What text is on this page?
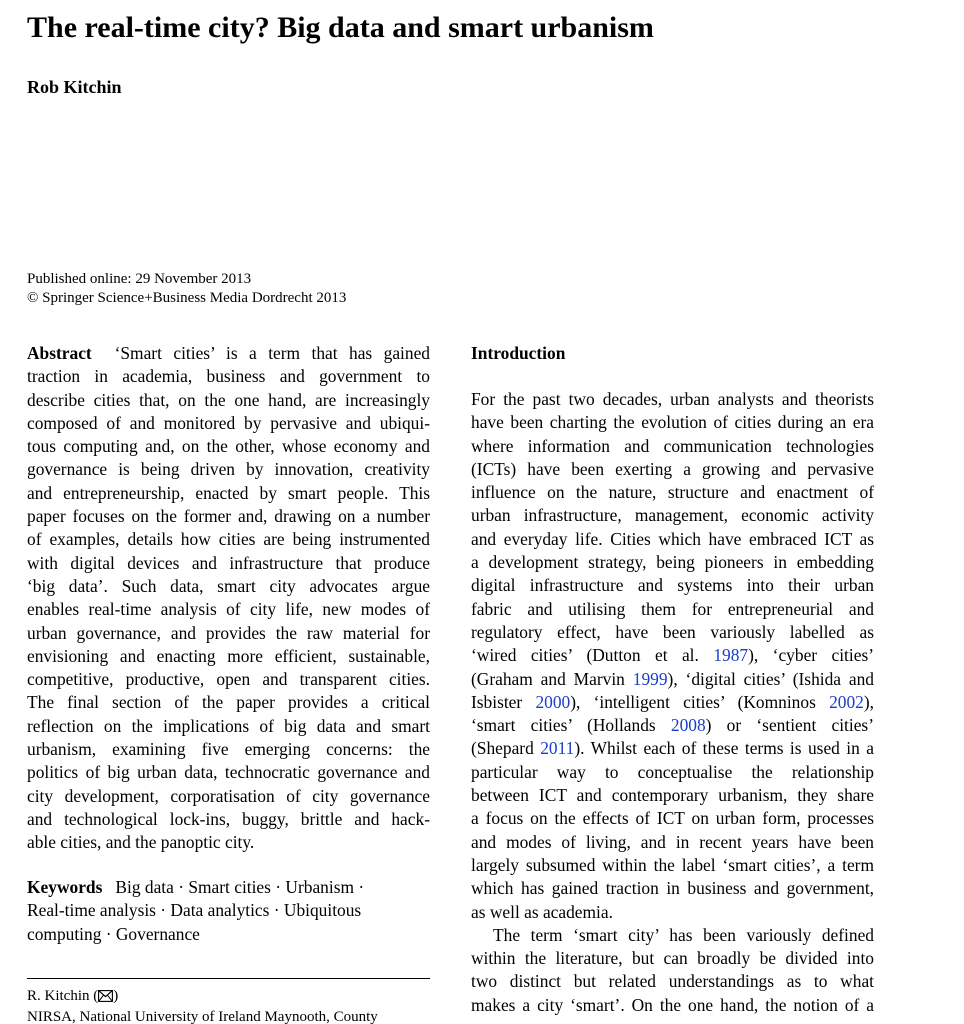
The real-time city? Big data and smart urbanism
Rob Kitchin
Published online: 29 November 2013
© Springer Science+Business Media Dordrecht 2013
Abstract ‘Smart cities’ is a term that has gained
traction in academia, business and government to
describe cities that, on the one hand, are increasingly
composed of and monitored by pervasive and ubiqui-
tous computing and, on the other, whose economy and
governance is being driven by innovation, creativity
and entrepreneurship, enacted by smart people. This
paper focuses on the former and, drawing on a number
of examples, details how cities are being instrumented
with digital devices and infrastructure that produce
‘big data’. Such data, smart city advocates argue
enables real-time analysis of city life, new modes of
urban governance, and provides the raw material for
envisioning and enacting more efficient, sustainable,
competitive, productive, open and transparent cities.
The final section of the paper provides a critical
reflection on the implications of big data and smart
urbanism, examining five emerging concerns: the
politics of big urban data, technocratic governance and
city development, corporatisation of city governance
and technological lock-ins, buggy, brittle and hack-
able cities, and the panoptic city.
Keywords Big data · Smart cities · Urbanism ·
Real-time analysis · Data analytics · Ubiquitous
computing · Governance
R. Kitchin ( )
NIRSA, National University of Ireland Maynooth, County
Introduction
For the past two decades, urban analysts and theorists
have been charting the evolution of cities during an era
where information and communication technologies
(ICTs) have been exerting a growing and pervasive
influence on the nature, structure and enactment of
urban infrastructure, management, economic activity
and everyday life. Cities which have embraced ICT as
a development strategy, being pioneers in embedding
digital infrastructure and systems into their urban
fabric and utilising them for entrepreneurial and
regulatory effect, have been variously labelled as
‘wired cities’ (Dutton et al. 1987), ‘cyber cities’
(Graham and Marvin 1999), ‘digital cities’ (Ishida and
Isbister 2000), ‘intelligent cities’ (Komninos 2002),
‘smart cities’ (Hollands 2008) or ‘sentient cities’
(Shepard 2011). Whilst each of these terms is used in a
particular way to conceptualise the relationship
between ICT and contemporary urbanism, they share
a focus on the effects of ICT on urban form, processes
and modes of living, and in recent years have been
largely subsumed within the label ‘smart cities’, a term
which has gained traction in business and government,
as well as academia.
The term ‘smart city’ has been variously defined
within the literature, but can broadly be divided into
two distinct but related understandings as to what
makes a city ‘smart’. On the one hand, the notion of a
